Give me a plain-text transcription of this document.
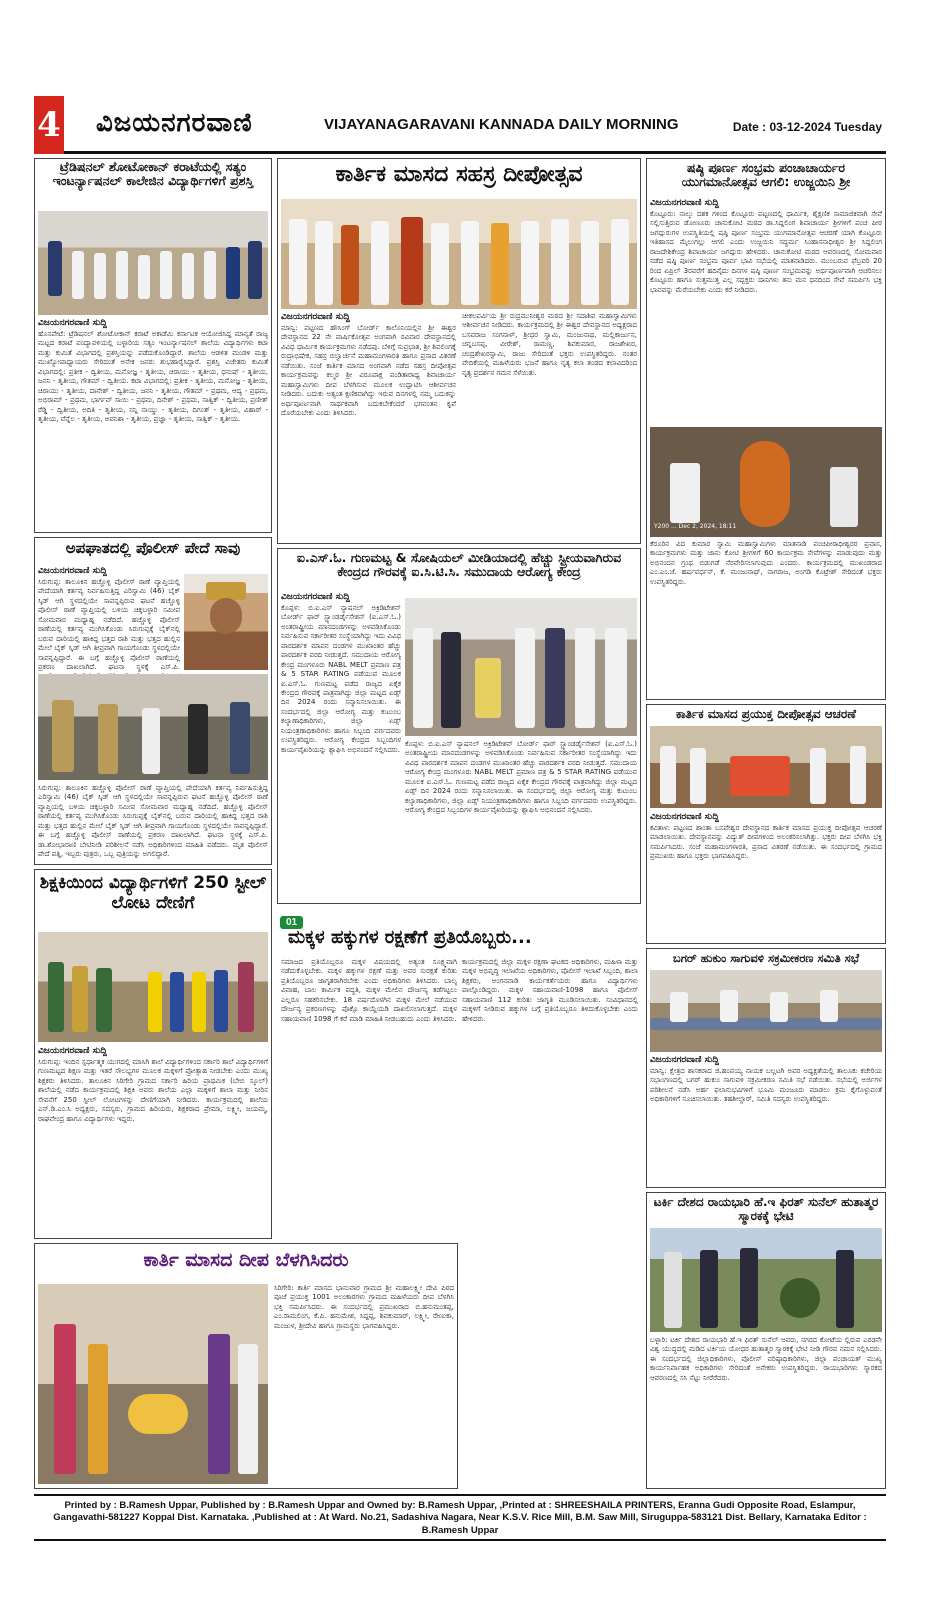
4 ವಿಜಯನಗರವಾಣಿ	VIJAYANAGARAVANI KANNADA DAILY MORNING	Date : 03-12-2024 Tuesday
ಟ್ರೆಡಿಷನಲ್ ಶೋಟೋಕಾನ್ ಕರಾಟೆಯಲ್ಲಿ ಸತ್ಯಂ ಇಂಟರ್ನ್ಯಾಷನಲ್ ಕಾಲೇಜಿನ ವಿದ್ಯಾರ್ಥಿಗಳಿಗೆ ಪ್ರಶಸ್ತಿ
ವಿಜಯನಗರವಾಣಿ ಸುದ್ದಿ
ಹೊಸಪೇಟೆ: ಟ್ರೆಡಿಷನಲ್ ಶೋಟೋಕಾನ್ ಕರಾಟೆ ಅಕಾಡೆಮಿ ಕರ್ನಾಟಕ ಆಯೋಜಿಸಿದ್ದ ಮಾನ್ಯತೆ ರಾಜ್ಯ ಮಟ್ಟದ ಕರಾಟೆ ಪಂದ್ಯಾವಳಿಯಲ್ಲಿ ಬಳ್ಳಾರಿಯ ಸತ್ಯಂ ಇಂಟರ್ನ್ಯಾಷನಲ್ ಶಾಲೆಯ ವಿದ್ಯಾರ್ಥಿಗಳು ಕಟಾ ಮತ್ತು ಕುಮಿತೆ ವಿಭಾಗದಲ್ಲಿ ಪ್ರಶಸ್ತಿಯನ್ನು ಪಡೆದುಕೊಂಡಿದ್ದಾರೆ. ಶಾಲೆಯ ಆಡಳಿತ ಮಂಡಳಿ ಮತ್ತು ಮುಖ್ಯೋಪಾಧ್ಯಾಯರು ಸೇರಿದಂತೆ ಅನೇಕ ಜನರು ಶುಭಹಾರೈಸಿದ್ದಾರೆ. ಪ್ರಶಸ್ತಿ ವಿಜೇತರು ಕುಮಿತೆ ವಿಭಾಗದಲ್ಲಿ: ಪ್ರತೀಕ - ದ್ವಿತೀಯ, ಮನೋಜ್ಞ - ತೃತೀಯ, ಚಿರಾಯು - ತೃತೀಯ, ಧನುಷ್ - ತೃತೀಯ, ಜನನಿ - ತೃತೀಯ, ಗೌತಮ್ - ದ್ವಿತೀಯ. ಕಟಾ ವಿಭಾಗದಲ್ಲಿ: ಪ್ರತೀಕ - ತೃತೀಯ, ಮನೋಜ್ಞ - ತೃತೀಯ, ಚಿರಾಯು - ತೃತೀಯ, ದಾನೇಶ್ - ದ್ವಿತೀಯ, ಜನನಿ - ತೃತೀಯ, ಗೌತಮ್ - ಪ್ರಥಮ, ಆದ್ಯ - ಪ್ರಥಮ, ಅಭಿರಾಮ್ - ಪ್ರಥಮ, ಭಾರ್ಗವ್ ಸಾಯಿ - ಪ್ರಥಮ, ದಿನೇಶ್ - ಪ್ರಥಮ, ಸಾತ್ವಿಕ್ - ದ್ವಿತೀಯ, ಪ್ರಣೀತ್ ರೆಡ್ಡಿ - ದ್ವಿತೀಯ, ಅದಿತಿ - ತೃತೀಯ, ಸನ್ನಿ ನಾಯ್ಡು - ತೃತೀಯ, ದಿಗಂತ್ - ತೃತೀಯ, ವಿಹಾರ್ - ತೃತೀಯ, ವೆನ್ನೆಲ - ತೃತೀಯ, ಅವನಿಶಾ - ತೃತೀಯ, ಪ್ರಜ್ಞಾ - ತೃತೀಯ, ಸಾತ್ವಿಕ್ - ತೃತೀಯ.
ಅಪಘಾತದಲ್ಲಿ ಪೊಲೀಸ್ ಪೇದೆ ಸಾವು
ವಿಜಯನಗರವಾಣಿ ಸುದ್ದಿ
ಸಿರುಗುಪ್ಪ: ತಾಲೂಕಿನ ಹಚ್ಚೊಳ್ಳಿ ಪೊಲೀಸ್ ಠಾಣೆ ವ್ಯಾಪ್ತಿಯಲ್ಲಿ ಪೇದೆಯಾಗಿ ಕರ್ತವ್ಯ ನಿರ್ವಹಿಸುತ್ತಿದ್ದ ಎರಿಸ್ವಾಮಿ (46) ಬೈಕ್ ಸ್ಕಿಡ್ ಆಗಿ ಸ್ಥಳದಲ್ಲಿಯೇ ಸಾವನ್ನಪ್ಪಿರುವ ಘಟನೆ ಹಚ್ಚೊಳ್ಳಿ ಪೊಲೀಸ್ ಠಾಣೆ ವ್ಯಾಪ್ತಿಯಲ್ಲಿ ಬಳಿಯ ಚಿಕ್ಕಬಳ್ಳಾರಿ ಸಮೀಪ ಸೋಮವಾರ ಮಧ್ಯಾಹ್ನ ನಡೆದಿದೆ. ಹಚ್ಚೊಳ್ಳಿ ಪೊಲೀಸ್ ಠಾಣೆಯಲ್ಲಿ ಕರ್ತವ್ಯ ಮುಗಿಸಿಕೊಂಡು ಸಿರುಗುಪ್ಪಕ್ಕೆ ಬೈಕ್‌ನಲ್ಲಿ ಬರುವ ದಾರಿಯಲ್ಲಿ ಹಾಕಿದ್ದ ಭತ್ತದ ರಾಶಿ ಮತ್ತು ಭತ್ತದ ಹುಲ್ಲಿನ ಮೇಲೆ ಬೈಕ್ ಸ್ಕಿಡ್ ಆಗಿ ತೀವ್ರವಾಗಿ ಗಾಯಗೊಂಡು ಸ್ಥಳದಲ್ಲಿಯೇ ಸಾವನ್ನಪ್ಪಿದ್ದಾರೆ. ಈ ಬಗ್ಗೆ ಹಚ್ಚೊಳ್ಳಿ ಪೊಲೀಸ್ ಠಾಣೆಯಲ್ಲಿ ಪ್ರಕರಣ ದಾಖಲಾಗಿದೆ. ಘಟನಾ ಸ್ಥಳಕ್ಕೆ ಎಸ್.ಪಿ.
ಸಿರುಗುಪ್ಪ: ತಾಲೂಕಿನ ಹಚ್ಚೊಳ್ಳಿ ಪೊಲೀಸ್ ಠಾಣೆ ವ್ಯಾಪ್ತಿಯಲ್ಲಿ ಪೇದೆಯಾಗಿ ಕರ್ತವ್ಯ ನಿರ್ವಹಿಸುತ್ತಿದ್ದ ಎರಿಸ್ವಾಮಿ (46) ಬೈಕ್ ಸ್ಕಿಡ್ ಆಗಿ ಸ್ಥಳದಲ್ಲಿಯೇ ಸಾವನ್ನಪ್ಪಿರುವ ಘಟನೆ ಹಚ್ಚೊಳ್ಳಿ ಪೊಲೀಸ್ ಠಾಣೆ ವ್ಯಾಪ್ತಿಯಲ್ಲಿ ಬಳಿಯ ಚಿಕ್ಕಬಳ್ಳಾರಿ ಸಮೀಪ ಸೋಮವಾರ ಮಧ್ಯಾಹ್ನ ನಡೆದಿದೆ. ಹಚ್ಚೊಳ್ಳಿ ಪೊಲೀಸ್ ಠಾಣೆಯಲ್ಲಿ ಕರ್ತವ್ಯ ಮುಗಿಸಿಕೊಂಡು ಸಿರುಗುಪ್ಪಕ್ಕೆ ಬೈಕ್‌ನಲ್ಲಿ ಬರುವ ದಾರಿಯಲ್ಲಿ ಹಾಕಿದ್ದ ಭತ್ತದ ರಾಶಿ ಮತ್ತು ಭತ್ತದ ಹುಲ್ಲಿನ ಮೇಲೆ ಬೈಕ್ ಸ್ಕಿಡ್ ಆಗಿ ತೀವ್ರವಾಗಿ ಗಾಯಗೊಂಡು ಸ್ಥಳದಲ್ಲಿಯೇ ಸಾವನ್ನಪ್ಪಿದ್ದಾರೆ. ಈ ಬಗ್ಗೆ ಹಚ್ಚೊಳ್ಳಿ ಪೊಲೀಸ್ ಠಾಣೆಯಲ್ಲಿ ಪ್ರಕರಣ ದಾಖಲಾಗಿದೆ. ಘಟನಾ ಸ್ಥಳಕ್ಕೆ ಎಸ್.ಪಿ. ಡಾ.ಶೋಭಾರಾಣಿ ಬೇಟಿನೀಡಿ ಪರಿಶೀಲನೆ ನಡೆಸಿ ಅಧಿಕಾರಿಗಳಿಂದ ಮಾಹಿತಿ ಪಡೆದರು. ಮೃತ ಪೊಲೀಸ್ ಪೇದೆ ಪತ್ನಿ, ಇಬ್ಬರು ಪುತ್ರರು, ಒಬ್ಬ ಪುತ್ರಿಯನ್ನು ಅಗಲಿದ್ದಾರೆ.
ಶಿಕ್ಷಕಿಯಿಂದ ವಿದ್ಯಾರ್ಥಿಗಳಿಗೆ 250 ಸ್ಟೀಲ್ ಲೋಟ ದೇಣಿಗೆ
ವಿಜಯನಗರವಾಣಿ ಸುದ್ದಿ
ಸಿರುಗುಪ್ಪ: ಇಂದಿನ ಸ್ಪರ್ಧಾತ್ಮಕ ಯುಗದಲ್ಲಿ ಮಾಸಿಗಿ ಶಾಲೆ ವಿದ್ಯಾರ್ಥಿಗಳಿಂದ ಸರ್ಕಾರಿ ಶಾಲೆ ವಿದ್ಯಾರ್ಥಿಗಳಿಗೆ ಗುಣಮಟ್ಟದ ಶಿಕ್ಷಣ ಮತ್ತು ಇತರೆ ಸೌಲಭ್ಯಗಳ ಮೂಲಕ ಮಕ್ಕಳಿಗೆ ಪ್ರೋತ್ಸಾಹ ನೀಡಬೇಕು ಎಂದು ಮುಖ್ಯ ಶಿಕ್ಷಕರು ತಿಳಿಸಿದರು. ತಾಲೂಕಿನ ಸಿರಿಗೇರಿ ಗ್ರಾಮದ ಸರ್ಕಾರಿ ಹಿರಿಯ ಪ್ರಾಥಮಿಕ (ಬೇಬಿ ಸ್ಕೂಲ್) ಶಾಲೆಯಲ್ಲಿ ನಡೆದ ಕಾರ್ಯಕ್ರಮದಲ್ಲಿ ಶಿಕ್ಷಕಿ ಅವರು ಶಾಲೆಯ ಎಲ್ಲಾ ಮಕ್ಕಳಿಗೆ ಶಾಲಾ ಮತ್ತು ನೀರಿನ ಸೇವನೆಗೆ 250 ಸ್ಟೀಲ್ ಲೋಟಗಳನ್ನು ದೇಣಿಗೆಯಾಗಿ ನೀಡಿದರು. ಕಾರ್ಯಕ್ರಮದಲ್ಲಿ ಶಾಲೆಯ ಎಸ್.ಡಿ.ಎಂ.ಸಿ ಅಧ್ಯಕ್ಷರು, ಸದಸ್ಯರು, ಗ್ರಾಮದ ಹಿರಿಯರು, ಶಿಕ್ಷಕರಾದ ಪ್ರೇಮಾ, ಲಕ್ಷ್ಮೀ, ಜಯಮ್ಮ, ರಾಘವೇಂದ್ರ ಹಾಗೂ ವಿದ್ಯಾರ್ಥಿಗಳು ಇದ್ದರು.
ಕಾರ್ತಿಕ ಮಾಸದ ಸಹಸ್ರ ದೀಪೋತ್ಸವ
ವಿಜಯನಗರವಾಣಿ ಸುದ್ದಿ
ಮಾನ್ವಿ: ಪಟ್ಟಣದ ಹೌಸಿಂಗ್ ಬೋರ್ಡ್ ಕಾಲೊನಿಯಲ್ಲಿನ ಶ್ರೀ ಈಶ್ವರ ದೇವಸ್ಥಾನದ 22 ನೇ ವಾರ್ಷಿಕೋತ್ಸವ ಅಂಗವಾಗಿ ರವಿವಾರ ದೇವಸ್ಥಾನದಲ್ಲಿ ವಿವಿಧ ಧಾರ್ಮಿಕ ಕಾರ್ಯಕ್ರಮಗಳು ನಡೆದವು. ಬೆಳಿಗ್ಗೆ ಸುಪ್ರಭಾತ, ಶ್ರೀ ಶಿವಲಿಂಗಕ್ಕೆ ರುದ್ರಾಭಿಷೇಕ, ಸಹಸ್ರ ಬಿಲ್ವಾರ್ಚನೆ ಮಹಾಮಂಗಳಾರತಿ ಹಾಗೂ ಪ್ರಸಾದ ವಿತರಣೆ ನಡೆಯಿತು. ಸಂಜೆ ಕಾರ್ತಿಕ ಮಾಸದ ಅಂಗವಾಗಿ ನಡೆದ ಸಹಸ್ರ ದೀಪೋತ್ಸವ ಕಾರ್ಯಕ್ರಮವನ್ನು ಕಲ್ಮಠ ಶ್ರೀ ವಿರೂಪಾಕ್ಷ ಪಂಡಿತಾರಾಧ್ಯ ಶಿವಾಚಾರ್ಯ ಮಹಾಸ್ವಾಮಿಗಳು ದೀಪ ಬೆಳಗಿಸುವ ಮೂಲಕ ಉದ್ಘಾಟಿಸಿ ಆಶೀರ್ವಚನ ನೀಡಿದರು. ಬದುಕು ಅತ್ಯಂತ ಕ್ಷಣಿಕವಾಗಿದ್ದು ಇರುವ ದಿನಗಳಲ್ಲಿ ನಮ್ಮ ಬದುಕನ್ನು ಅರ್ಥಪೂರ್ಣವಾಗಿ ಸಾರ್ಥಕವಾಗಿ ಬದುಕಬೇಕೆಂದರೆ ಭಗವಂತನ ಕೃಪೆ ದೊರೆಯಬೇಕು ಎಂದು ತಿಳಿಸಿದರು.
ಚೀಕಲಪರ್ವಿಯ ಶ್ರೀ ರುದ್ರಮುನೀಶ್ವರ ಮಠದ ಶ್ರೀ ಸದಾಶಿವ ಮಹಾಸ್ವಾಮಿಗಳು ಆಶೀರ್ವಚನ ನೀಡಿದರು. ಕಾರ್ಯಕ್ರಮದಲ್ಲಿ ಶ್ರೀ ಈಶ್ವರ ದೇವಸ್ಥಾನದ ಅಧ್ಯಕ್ಷರಾದ ಬಸವರಾಜ ಸಂಗನಾಳ್, ಶ್ರೀಧರ ಸ್ವಾಮಿ, ಮಂಜುನಾಥ, ಮಲ್ಲಿಕಾರ್ಜುನ, ಚನ್ನಬಸಪ್ಪ, ವೀರೇಶ್, ರಾಮಣ್ಣ, ಶಿವಕುಮಾರ, ರಾಜಶೇಖರ, ಚಂದ್ರಶೇಖರಸ್ವಾಮಿ, ರಾಜು ಸೇರಿದಂತೆ ಭಕ್ತರು ಉಪಸ್ಥಿತರಿದ್ದರು. ನಂತರ ವೇದಿಕೆಯಲ್ಲಿ ಮಹಿಳೆಯರು ಭಜನೆ ಹಾಗೂ ನೃತ್ಯ ಕಲಾ ತಂಡದ ಕಲಾವಿದರಿಂದ ನೃತ್ಯ ಪ್ರದರ್ಶನ ಗಮನ ಸೆಳೆಯಿತು.
ಐ.ಎಸ್.ಓ. ಗುಣಮಟ್ಟ & ಸೋಷಿಯಲ್ ಮೀಡಿಯಾದಲ್ಲಿ ಹೆಚ್ಚು ಸ್ಟ್ರೀಯವಾಗಿರುವ ಕೇಂದ್ರದ ಗೌರವಕ್ಕೆ ಐ.ಸಿ.ಟಿ.ಸಿ. ಸಮುದಾಯ ಆರೋಗ್ಯ ಕೇಂದ್ರ
ವಿಜಯನಗರವಾಣಿ ಸುದ್ದಿ
ಕೊಪ್ಪಳ: ಬಿ.ಐ.ಎಸ್ ನ್ಯಾಷನಲ್ ಅಕ್ರಿಡಿಟೇಶನ್ ಬೋರ್ಡ್ ಫಾರ್ ಸ್ಟ್ಯಾಂಡರ್ಡೈಸೇಶನ್ (ಐ.ಎಸ್.ಓ.) ಅಂತರಾಷ್ಟ್ರೀಯ ಮಾನದಂಡಗಳನ್ನು ಅಳವಡಿಸಿಕೊಂಡು ನಿರ್ವಹಿಸುವ ಸರ್ಕಾರೀತರ ಸಂಸ್ಥೆಯಾಗಿದ್ದು ಇದು ವಿವಿಧ ಪಾರದರ್ಶಕ ಮಾಪನ ದಂಡಗಳ ಮುಖಾಂತರ ಹೆಚ್ಚು ಪಾರದರ್ಶಕ ವರದಿ ನೀಡುತ್ತದೆ. ಸಮುದಾಯ ಆರೋಗ್ಯ ಕೇಂದ್ರ ಮಂಗಳೂರು NABL MELT ಪ್ರಮಾಣ ಪತ್ರ & 5 STAR RATING ಪಡೆಯುವ ಮೂಲಕ ಐ.ಎಸ್.ಓ. ಗುಣಮಟ್ಟ ಪಡೆದ ರಾಜ್ಯದ ಏಕೈಕ ಕೇಂದ್ರದ ಗೌರವಕ್ಕೆ ಪಾತ್ರವಾಗಿದ್ದು ಜಿಲ್ಲಾ ಮಟ್ಟದ ಏಡ್ಸ್ ದಿನ 2024 ರಂದು ಸನ್ಮಾನಿಸಲಾಯಿತು. ಈ ಸಂದರ್ಭದಲ್ಲಿ ಜಿಲ್ಲಾ ಆರೋಗ್ಯ ಮತ್ತು ಕುಟುಂಬ ಕಲ್ಯಾಣಾಧಿಕಾರಿಗಳು, ಜಿಲ್ಲಾ ಏಡ್ಸ್ ನಿಯಂತ್ರಣಾಧಿಕಾರಿಗಳು ಹಾಗೂ ಸಿಬ್ಬಂದಿ ವರ್ಗದವರು ಉಪಸ್ಥಿತರಿದ್ದರು. ಆರೋಗ್ಯ ಕೇಂದ್ರದ ಸಿಬ್ಬಂದಿಗಳ ಕಾರ್ಯವೈಖರಿಯನ್ನು ಶ್ಲಾಘಿಸಿ ಅಭಿನಂದನೆ ಸಲ್ಲಿಸಿದರು.
ಕೊಪ್ಪಳ: ಬಿ.ಐ.ಎಸ್ ನ್ಯಾಷನಲ್ ಅಕ್ರಿಡಿಟೇಶನ್ ಬೋರ್ಡ್ ಫಾರ್ ಸ್ಟ್ಯಾಂಡರ್ಡೈಸೇಶನ್ (ಐ.ಎಸ್.ಓ.) ಅಂತರಾಷ್ಟ್ರೀಯ ಮಾನದಂಡಗಳನ್ನು ಅಳವಡಿಸಿಕೊಂಡು ನಿರ್ವಹಿಸುವ ಸರ್ಕಾರೀತರ ಸಂಸ್ಥೆಯಾಗಿದ್ದು ಇದು ವಿವಿಧ ಪಾರದರ್ಶಕ ಮಾಪನ ದಂಡಗಳ ಮುಖಾಂತರ ಹೆಚ್ಚು ಪಾರದರ್ಶಕ ವರದಿ ನೀಡುತ್ತದೆ. ಸಮುದಾಯ ಆರೋಗ್ಯ ಕೇಂದ್ರ ಮಂಗಳೂರು NABL MELT ಪ್ರಮಾಣ ಪತ್ರ & 5 STAR RATING ಪಡೆಯುವ ಮೂಲಕ ಐ.ಎಸ್.ಓ. ಗುಣಮಟ್ಟ ಪಡೆದ ರಾಜ್ಯದ ಏಕೈಕ ಕೇಂದ್ರದ ಗೌರವಕ್ಕೆ ಪಾತ್ರವಾಗಿದ್ದು ಜಿಲ್ಲಾ ಮಟ್ಟದ ಏಡ್ಸ್ ದಿನ 2024 ರಂದು ಸನ್ಮಾನಿಸಲಾಯಿತು. ಈ ಸಂದರ್ಭದಲ್ಲಿ ಜಿಲ್ಲಾ ಆರೋಗ್ಯ ಮತ್ತು ಕುಟುಂಬ ಕಲ್ಯಾಣಾಧಿಕಾರಿಗಳು, ಜಿಲ್ಲಾ ಏಡ್ಸ್ ನಿಯಂತ್ರಣಾಧಿಕಾರಿಗಳು ಹಾಗೂ ಸಿಬ್ಬಂದಿ ವರ್ಗದವರು ಉಪಸ್ಥಿತರಿದ್ದರು. ಆರೋಗ್ಯ ಕೇಂದ್ರದ ಸಿಬ್ಬಂದಿಗಳ ಕಾರ್ಯವೈಖರಿಯನ್ನು ಶ್ಲಾಘಿಸಿ ಅಭಿನಂದನೆ ಸಲ್ಲಿಸಿದರು.
01
ಮಕ್ಕಳ ಹಕ್ಕುಗಳ ರಕ್ಷಣೆಗೆ ಪ್ರತಿಯೊಬ್ಬರು...
ಸಮಾಜದ ಪ್ರತಿಯೊಬ್ಬರೂ ಮಕ್ಕಳ ವಿಷಯದಲ್ಲಿ ಅತ್ಯಂತ ಸೂಕ್ಷ್ಮವಾಗಿ ನಡೆದುಕೊಳ್ಳಬೇಕು. ಮಕ್ಕಳ ಹಕ್ಕುಗಳ ರಕ್ಷಣೆ ಮತ್ತು ಅವರ ಸುರಕ್ಷತೆ ಕುರಿತು ಪ್ರತಿಯೊಬ್ಬರೂ ಜಾಗೃತರಾಗಿರಬೇಕು ಎಂದು ಅಧಿಕಾರಿಗಳು ತಿಳಿಸಿದರು. ಬಾಲ್ಯ ವಿವಾಹ, ಬಾಲ ಕಾರ್ಮಿಕ ಪದ್ಧತಿ, ಮಕ್ಕಳ ಮೇಲಿನ ದೌರ್ಜನ್ಯ ತಡೆಗಟ್ಟಲು ಎಲ್ಲರೂ ಸಹಕರಿಸಬೇಕು. 18 ವರ್ಷದೊಳಗಿನ ಮಕ್ಕಳ ಮೇಲೆ ನಡೆಯುವ ದೌರ್ಜನ್ಯ ಪ್ರಕರಣಗಳನ್ನು ಪೊಕ್ಸೊ ಕಾಯ್ದೆಯಡಿ ದಾಖಲಿಸಲಾಗುತ್ತದೆ. ಮಕ್ಕಳ ಸಹಾಯವಾಣಿ 1098 ಗೆ ಕರೆ ಮಾಡಿ ಮಾಹಿತಿ ನೀಡಬಹುದು ಎಂದು ತಿಳಿಸಿದರು.
ಕಾರ್ಯಕ್ರಮದಲ್ಲಿ ಜಿಲ್ಲಾ ಮಕ್ಕಳ ರಕ್ಷಣಾ ಘಟಕದ ಅಧಿಕಾರಿಗಳು, ಮಹಿಳಾ ಮತ್ತು ಮಕ್ಕಳ ಅಭಿವೃದ್ಧಿ ಇಲಾಖೆಯ ಅಧಿಕಾರಿಗಳು, ಪೊಲೀಸ್ ಇಲಾಖೆ ಸಿಬ್ಬಂದಿ, ಶಾಲಾ ಶಿಕ್ಷಕರು, ಅಂಗನವಾಡಿ ಕಾರ್ಯಕರ್ತೆಯರು ಹಾಗೂ ವಿದ್ಯಾರ್ಥಿಗಳು ಪಾಲ್ಗೊಂಡಿದ್ದರು. ಮಕ್ಕಳ ಸಹಾಯವಾಣಿ-1098 ಹಾಗೂ ಪೊಲೀಸ್ ಸಹಾಯವಾಣಿ 112 ಕುರಿತು ಜಾಗೃತಿ ಮೂಡಿಸಲಾಯಿತು. ಸಂವಿಧಾನದಲ್ಲಿ ಮಕ್ಕಳಿಗೆ ನೀಡಿರುವ ಹಕ್ಕುಗಳ ಬಗ್ಗೆ ಪ್ರತಿಯೊಬ್ಬರೂ ತಿಳಿದುಕೊಳ್ಳಬೇಕು ಎಂದು ಹೇಳಿದರು.
ಕಾರ್ತಿ ಮಾಸದ ದೀಪ ಬೆಳಗಿಸಿದರು
ಸಿರಿಗೇರಿ: ಕಾರ್ತಿ ಮಾಸದ ಭಾನುವಾರ ಗ್ರಾಮದ ಶ್ರೀ ಮಹಾಲಕ್ಷ್ಮೀ ದೇವಿ ಪಿಠದ ಪೂಜೆ ಪ್ರಯುಕ್ತ 1001 ಅಲಂಕಾರಗಳು ಗ್ರಾಮದ ಮಹಿಳೆಯರು ದೀಪ ಬೆಳಗಿಸಿ ಭಕ್ತಿ ಸಮರ್ಪಿಸಿದರು. ಈ ಸಂದರ್ಭದಲ್ಲಿ ಪ್ರಮುಖರಾದ ಬಿ.ಹನುಮಂತಪ್ಪ, ಎಂ.ರಾಮಲಿಂಗ, ಕೆ.ಪಿ. ಹನುಮೇಶ, ಸಿದ್ದಪ್ಪ, ಶಿವಕುಮಾರ್, ಲಕ್ಷ್ಮೀ, ರೇಣುಕಾ, ಮಂಜುಳ, ಶ್ರೀದೇವಿ ಹಾಗೂ ಗ್ರಾಮಸ್ಥರು ಭಾಗವಹಿಸಿದ್ದರು.
ಷಷ್ಠಿ ಪೂರ್ಣ ಸಂಭ್ರಮ ಪಂಚಾಚಾರ್ಯರ ಯುಗಮಾನೋತ್ಸವ ಆಗಲಿ: ಉಜ್ಜಯಿನಿ ಶ್ರೀ
ವಿಜಯನಗರವಾಣಿ ಸುದ್ದಿ
ಕೊಟ್ಟೂರು: ನಾಲ್ಕು ದಶಕ ಗಳಿಂದ ಕೊಟ್ಟೂರು ಪಟ್ಟಣದಲ್ಲಿ ಧಾರ್ಮಿಕ, ಶೈಕ್ಷಣಿಕ ಸಾಮಾಜಿಕವಾಗಿ ಸೇವೆ ಸಲ್ಲಿಸುತ್ತಿರುವ ಡೋಣೂರು ಚಾನುಕೋಟಿ ಮಠದ ಡಾ.ಸಿದ್ದಲಿಂಗ ಶಿವಾಚಾರ್ಯ ಶ್ರೀಗಳಿಗೆ ಪಂಚ ಪೀಠ ಜಗದ್ಗುರುಗಳ ಉಪಸ್ಥಿತಿಯಲ್ಲಿ ಷಷ್ಠಿ ಪೂರ್ಣ ಸಂಭ್ರಮ ಯುಗಮಾನೋತ್ಸವ ಆಚರಣೆ ಯಾಗಿ ಕೊಟ್ಟೂರು ಇತಿಹಾಸದ ಮೈಲುಗಲ್ಲು ಆಗಲಿ ಎಂದು ಉಜ್ಜಯಿನಿ ಸದ್ಧರ್ಮ ಸಿಂಹಾಸನಾಧೀಶ್ವರ ಶ್ರೀ ಸಿದ್ದಲಿಂಗ ರಾಜದೇಶಿಕೇಂದ್ರ ಶಿವಾಚಾರ್ಯ ಜಗದ್ಗುರು ಹೇಳಿದರು. ಚಾನುಕೋಟಿ ಮಠದ ಆವರಣದಲ್ಲಿ ಸೋಮವಾರ ನಡೆದ ಷಷ್ಠಿ ಪೂರ್ಣ ಸಂಭ್ರಮ ಪೂರ್ವ ಭಾವಿ ಸಭೆಯಲ್ಲಿ ಮಾತನಾಡಿದರು. ಮುಂಬರುವ ಫೆಬ್ರವರಿ 20 ರಿಂದ ಏಪ್ರಿಲ್ 3ರವರೆಗೆ ಹದಿನೈದು ದಿನಗಳ ಷಷ್ಠಿ ಪೂರ್ಣ ಸಂಭ್ರಮವನ್ನು ಅರ್ಥಪೂರ್ಣವಾಗಿ ಆಚರಿಸಲು ಕೊಟ್ಟೂರು ಹಾಗೂ ಸುತ್ತಮುತ್ತ ಎಲ್ಲ ಸದ್ಭಕ್ತರು ದಾನಿಗಳು ತನು ಮನ ಧನದಿಂದ ಸೇವೆ ಸಮರ್ಪಿಸಿ ಭಕ್ತಿ ಭಾವವನ್ನು ಮೆರೆಯಬೇಕು ಎಂದು ಕರೆ ನೀಡಿದರು.
Y200 ... Dec 2, 2024, 18:11
ಕೆರೂರಿನ ವಿದ ಕುಮಾರ ಸ್ವಾಮಿ ಮಹಾಸ್ವಾಮಿಗಳು ಮಾತನಾಡಿ ಪಂಚಪೀಠಾಧೀಶ್ವರರ ಪ್ರವಾಸ, ಕಾರ್ಯಕ್ರಮಗಳು ಮತ್ತು ಜಾನು ಕೋಟಿ ಶ್ರೀಗಳಿಗೆ 60 ಕಾರ್ಯಕ್ರಮ ಸೇವೆಗಳನ್ನು ಮಾಡುವುದು ಮತ್ತು ಅಭಿನಂದನ ಗ್ರಂಥ ಬಿಡುಗಡೆ ನೆರವೇರಿಸಲಾಗುವುದು ಎಂದರು. ಕಾರ್ಯಕ್ರಮದಲ್ಲಿ ಮುಖಂಡರಾದ ಎಂ.ಎಂ.ಜೆ. ಹರ್ಷವರ್ಧನ್, ಕೆ. ಮಂಜುನಾಥ್, ನಾಗರಾಜ, ಅಂಗಡಿ ಕೊಟ್ರೇಶ್ ಸೇರಿದಂತೆ ಭಕ್ತರು ಉಪಸ್ಥಿತರಿದ್ದರು.
ಕಾರ್ತಿಕ ಮಾಸದ ಪ್ರಯುಕ್ತ ದೀಪೋತ್ಸವ ಆಚರಣೆ
ವಿಜಯನಗರವಾಣಿ ಸುದ್ದಿ
ಕವಿತಾಳ: ಪಟ್ಟಣದ ಶಾಂತಾ ಬಸವೇಶ್ವರ ದೇವಸ್ಥಾನದ ಕಾರ್ತಿಕ ಮಾಸದ ಪ್ರಯುಕ್ತ ದೀಪೋತ್ಸವ ಆಚರಣೆ ಮಾಡಲಾಯಿತು. ದೇವಸ್ಥಾನವನ್ನು ವಿದ್ಯುತ್ ದೀಪಗಳಿಂದ ಅಲಂಕರಿಸಲಾಗಿತ್ತು. ಭಕ್ತರು ದೀಪ ಬೆಳಗಿಸಿ ಭಕ್ತಿ ಸಮರ್ಪಿಸಿದರು. ಸಂಜೆ ಮಹಾಮಂಗಳಾರತಿ, ಪ್ರಸಾದ ವಿತರಣೆ ನಡೆಯಿತು. ಈ ಸಂದರ್ಭದಲ್ಲಿ ಗ್ರಾಮದ ಪ್ರಮುಖರು ಹಾಗೂ ಭಕ್ತರು ಭಾಗವಹಿಸಿದ್ದರು.
ಬಗರ್ ಹುಕುಂ ಸಾಗುವಳಿ ಸಕ್ರಮೀಕರಣ ಸಮಿತಿ ಸಭೆ
ವಿಜಯನಗರವಾಣಿ ಸುದ್ದಿ
ಮಾನ್ವಿ: ಕ್ಷೇತ್ರದ ಶಾಸಕರಾದ ಜಿ.ಹಂಪಯ್ಯ ನಾಯಕ ಬಲ್ಲಟಗಿ ಅವರ ಅಧ್ಯಕ್ಷತೆಯಲ್ಲಿ ತಾಲೂಕು ಕಚೇರಿಯ ಸಭಾಂಗಣದಲ್ಲಿ ಬಗರ್ ಹುಕುಂ ಸಾಗುವಳಿ ಸಕ್ರಮೀಕರಣ ಸಮಿತಿ ಸಭೆ ನಡೆಯಿತು. ಸಭೆಯಲ್ಲಿ ಅರ್ಜಿಗಳ ಪರಿಶೀಲನೆ ನಡೆಸಿ ಅರ್ಹ ಫಲಾನುಭವಿಗಳಿಗೆ ಭೂಮಿ ಮಂಜೂರು ಮಾಡಲು ಕ್ರಮ ಕೈಗೊಳ್ಳುವಂತೆ ಅಧಿಕಾರಿಗಳಿಗೆ ಸೂಚಿಸಲಾಯಿತು. ತಹಶೀಲ್ದಾರ್, ಸಮಿತಿ ಸದಸ್ಯರು ಉಪಸ್ಥಿತರಿದ್ದರು.
ಟರ್ಕಿ ದೇಶದ ರಾಯಭಾರಿ ಹೆ.ಇ ಫಿರತ್ ಸುನೆಲ್ ಹುತಾತ್ಮರ ಸ್ಮಾರಕಕ್ಕೆ ಭೇಟಿ
ಬಳ್ಳಾರಿ: ಟರ್ಕಿ ದೇಶದ ರಾಯಭಾರಿ ಹೆ.ಇ ಫಿರತ್ ಸುನೆಲ್ ಅವರು, ನಗರದ ಕೋಟೆಯ ಲ್ಲಿರುವ ಎರಡನೇ ವಿಶ್ವ ಯುದ್ಧದಲ್ಲಿ ಮಡಿದ ಟರ್ಕಿಯ ಯೋಧರ ಹುತಾತ್ಮರ ಸ್ಮಾರಕಕ್ಕೆ ಭೇಟಿ ನೀಡಿ ಗೌರವ ನಮನ ಸಲ್ಲಿಸಿದರು. ಈ ಸಂದರ್ಭದಲ್ಲಿ ಜಿಲ್ಲಾಧಿಕಾರಿಗಳು, ಪೊಲೀಸ್ ವರಿಷ್ಠಾಧಿಕಾರಿಗಳು, ಜಿಲ್ಲಾ ಪಂಚಾಯತ್ ಮುಖ್ಯ ಕಾರ್ಯನಿರ್ವಾಹಕ ಅಧಿಕಾರಿಗಳು ಸೇರಿದಂತೆ ಅನೇಕರು ಉಪಸ್ಥಿತರಿದ್ದರು. ರಾಯಭಾರಿಗಳು ಸ್ಮಾರಕದ ಆವರಣದಲ್ಲಿ ಸಸಿ ನೆಟ್ಟು ನೀರೆರೆದರು.
Printed by : B.Ramesh Uppar, Published by : B.Ramesh Uppar and Owned by: B.Ramesh Uppar, ,Printed at : SHREESHAILA PRINTERS, Eranna Gudi Opposite Road, Eslampur, Gangavathi-581227 Koppal Dist. Karnataka. ,Published at : At Ward. No.21, Sadashiva Nagara, Near K.S.V. Rice Mill, B.M. Saw Mill, Siruguppa-583121 Dist. Bellary, Karnataka Editor : B.Ramesh Uppar
